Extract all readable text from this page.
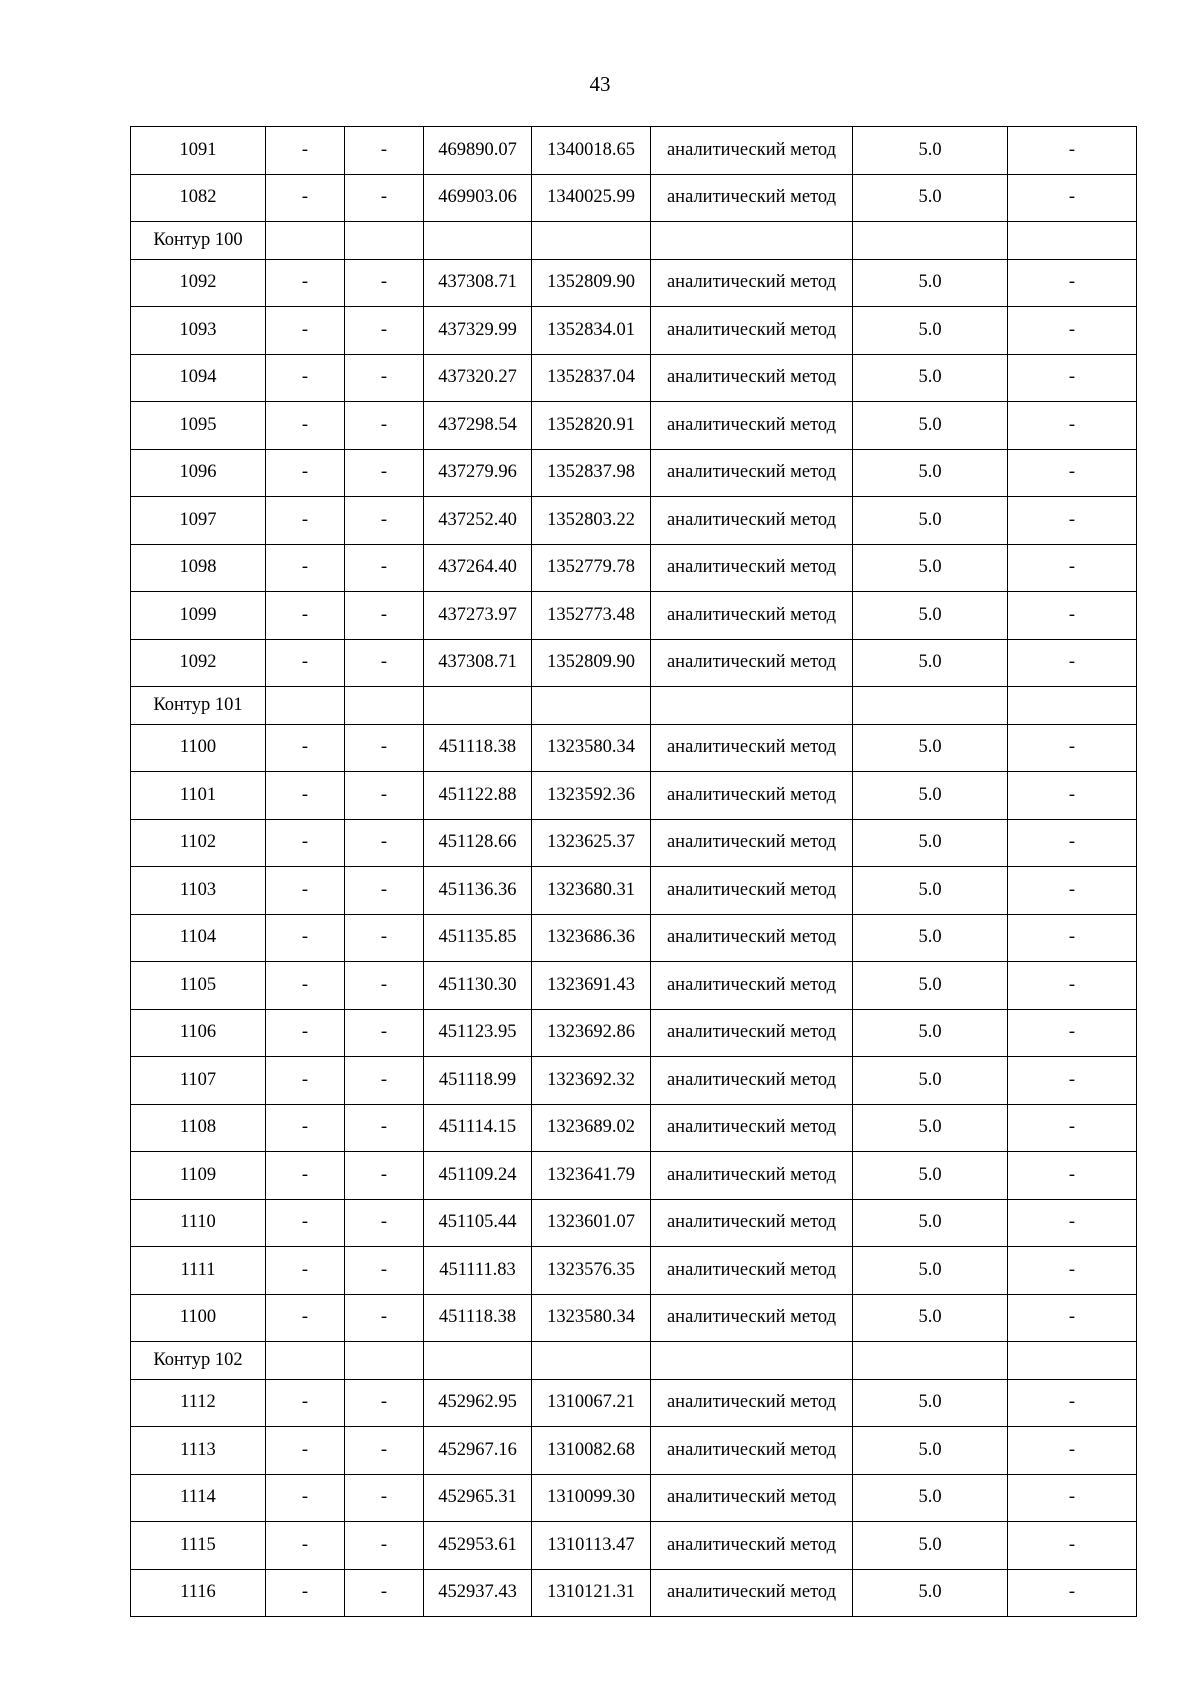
43
1091	-	-	469890.07	1340018.65	аналитический метод	5.0	-
1082	-	-	469903.06	1340025.99	аналитический метод	5.0	-
Контур 100							
1092	-	-	437308.71	1352809.90	аналитический метод	5.0	-
1093	-	-	437329.99	1352834.01	аналитический метод	5.0	-
1094	-	-	437320.27	1352837.04	аналитический метод	5.0	-
1095	-	-	437298.54	1352820.91	аналитический метод	5.0	-
1096	-	-	437279.96	1352837.98	аналитический метод	5.0	-
1097	-	-	437252.40	1352803.22	аналитический метод	5.0	-
1098	-	-	437264.40	1352779.78	аналитический метод	5.0	-
1099	-	-	437273.97	1352773.48	аналитический метод	5.0	-
1092	-	-	437308.71	1352809.90	аналитический метод	5.0	-
Контур 101							
1100	-	-	451118.38	1323580.34	аналитический метод	5.0	-
1101	-	-	451122.88	1323592.36	аналитический метод	5.0	-
1102	-	-	451128.66	1323625.37	аналитический метод	5.0	-
1103	-	-	451136.36	1323680.31	аналитический метод	5.0	-
1104	-	-	451135.85	1323686.36	аналитический метод	5.0	-
1105	-	-	451130.30	1323691.43	аналитический метод	5.0	-
1106	-	-	451123.95	1323692.86	аналитический метод	5.0	-
1107	-	-	451118.99	1323692.32	аналитический метод	5.0	-
1108	-	-	451114.15	1323689.02	аналитический метод	5.0	-
1109	-	-	451109.24	1323641.79	аналитический метод	5.0	-
1110	-	-	451105.44	1323601.07	аналитический метод	5.0	-
1111	-	-	451111.83	1323576.35	аналитический метод	5.0	-
1100	-	-	451118.38	1323580.34	аналитический метод	5.0	-
Контур 102							
1112	-	-	452962.95	1310067.21	аналитический метод	5.0	-
1113	-	-	452967.16	1310082.68	аналитический метод	5.0	-
1114	-	-	452965.31	1310099.30	аналитический метод	5.0	-
1115	-	-	452953.61	1310113.47	аналитический метод	5.0	-
1116	-	-	452937.43	1310121.31	аналитический метод	5.0	-
